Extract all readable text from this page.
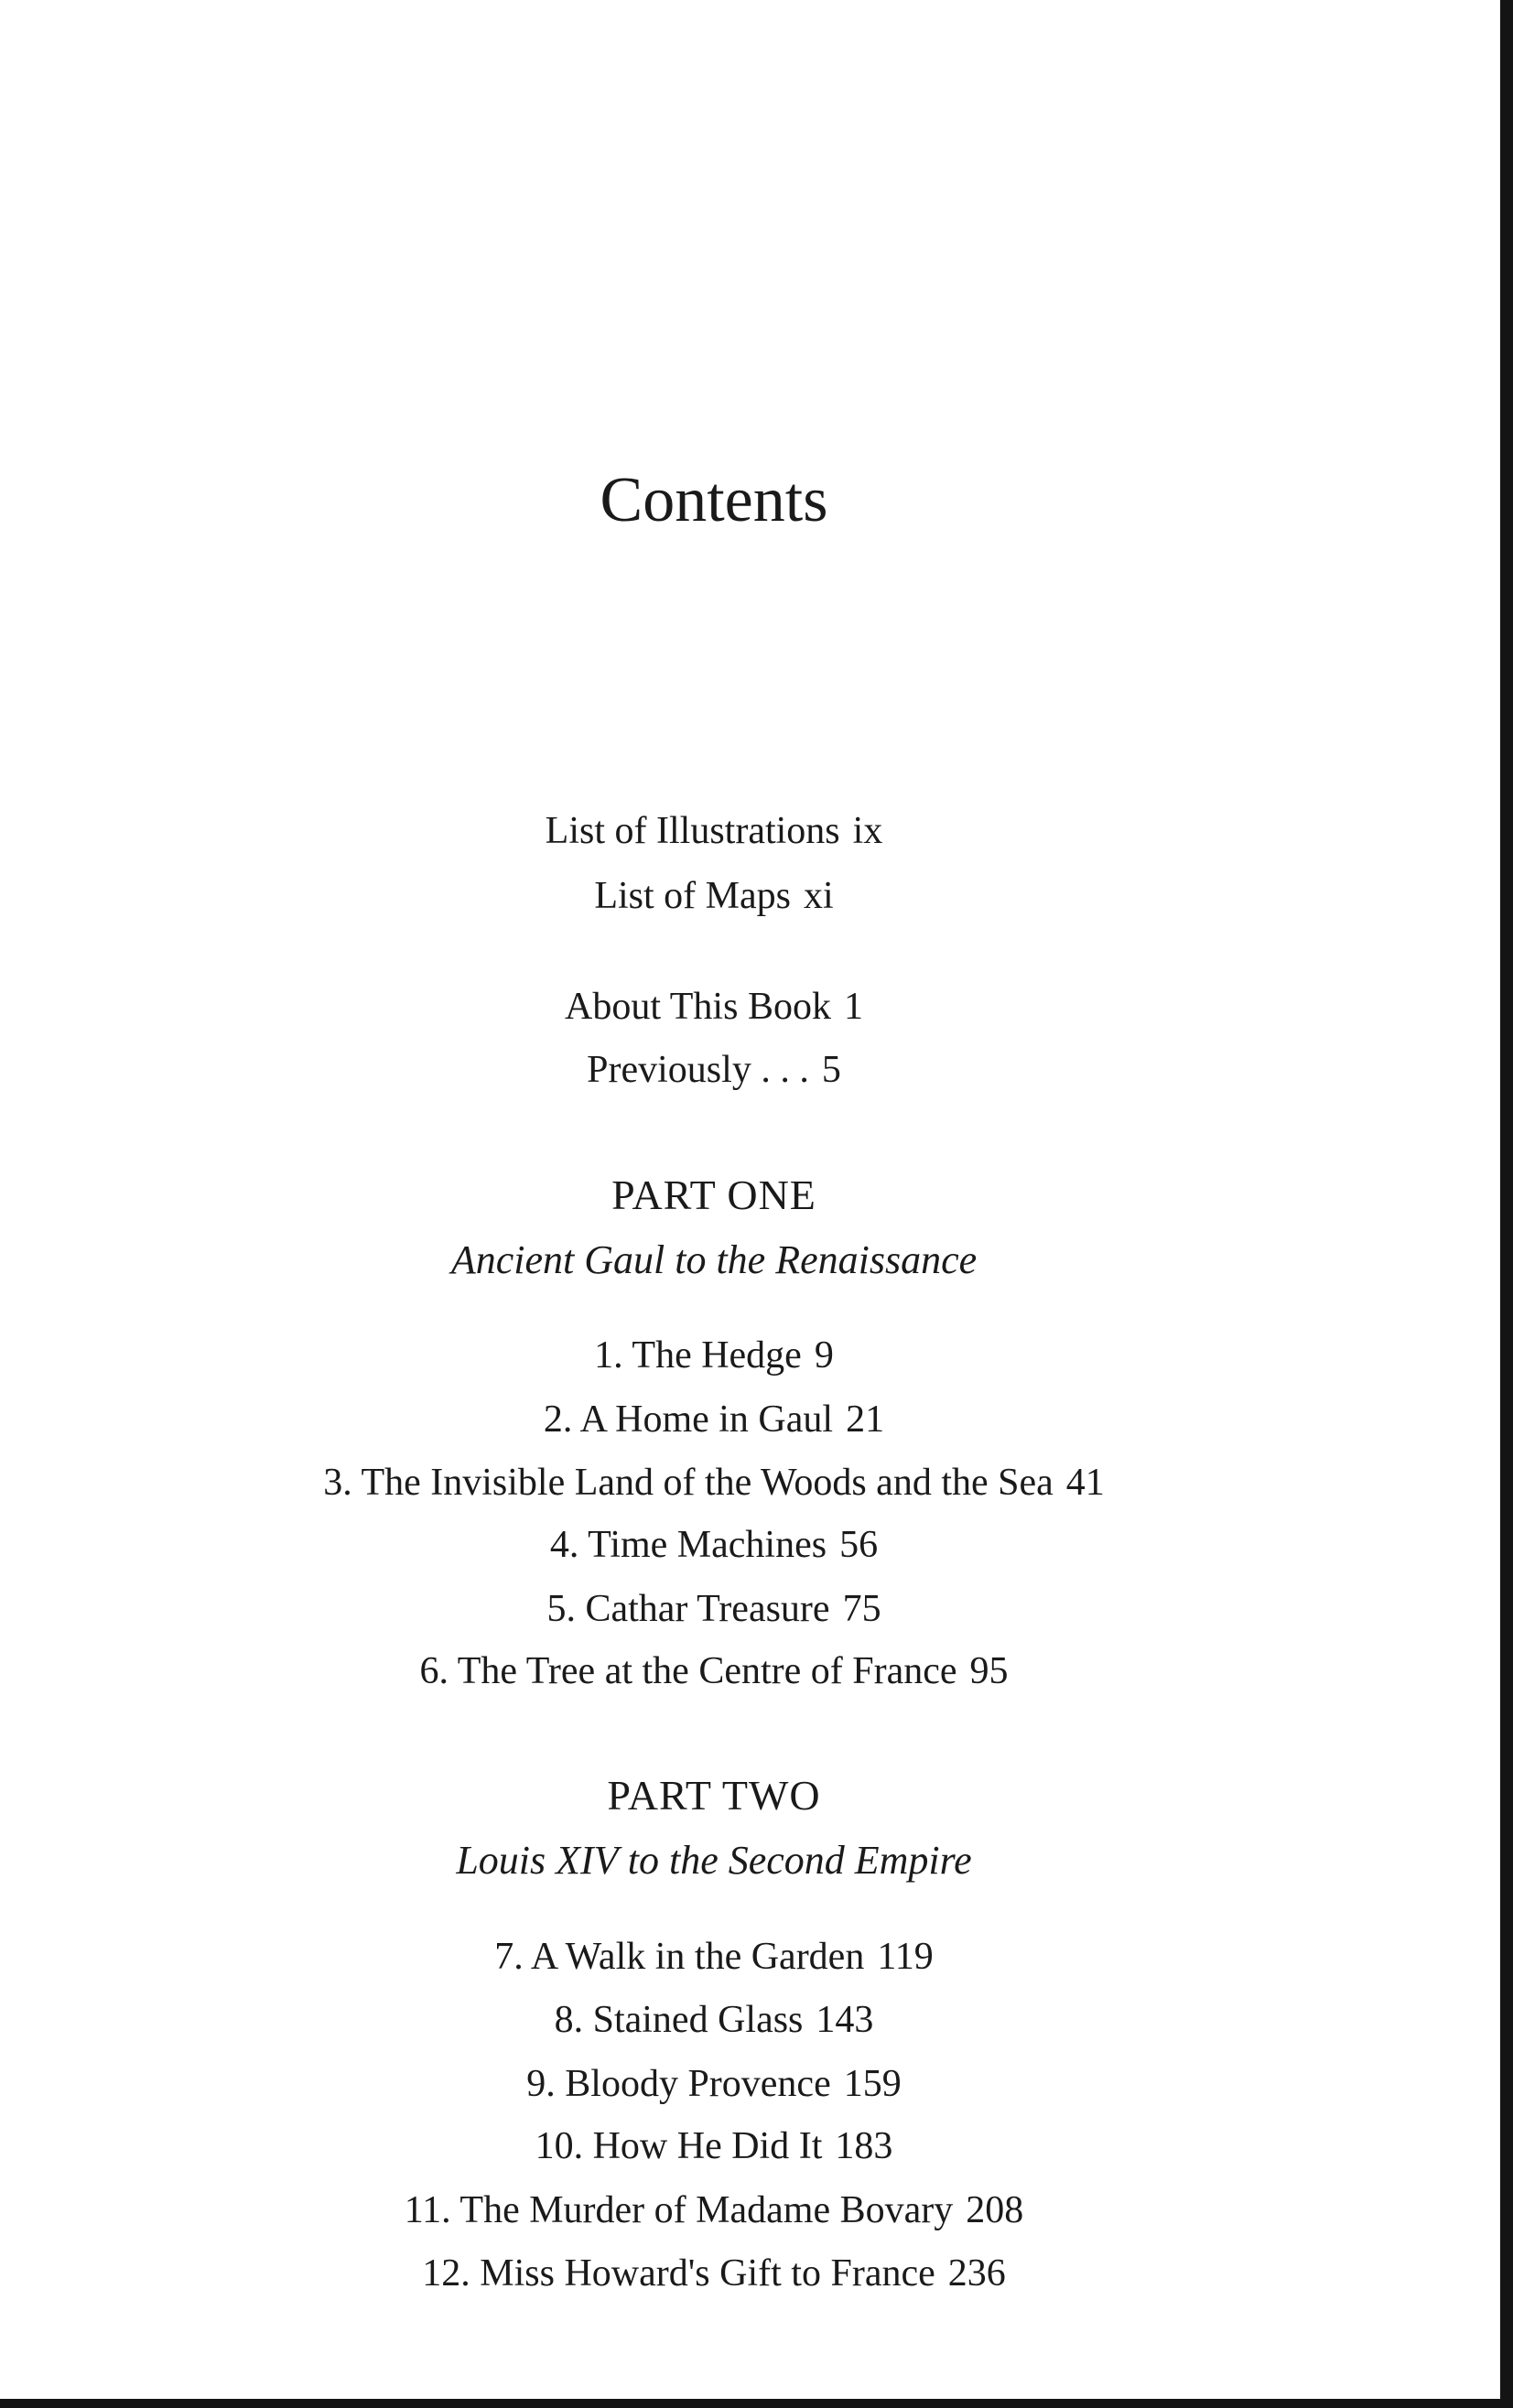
Contents
List of Illustrations ix
List of Maps xi
About This Book 1
Previously . . . 5
PART ONE
Ancient Gaul to the Renaissance
1. The Hedge 9
2. A Home in Gaul 21
3. The Invisible Land of the Woods and the Sea 41
4. Time Machines 56
5. Cathar Treasure 75
6. The Tree at the Centre of France 95
PART TWO
Louis XIV to the Second Empire
7. A Walk in the Garden 119
8. Stained Glass 143
9. Bloody Provence 159
10. How He Did It 183
11. The Murder of Madame Bovary 208
12. Miss Howard's Gift to France 236
